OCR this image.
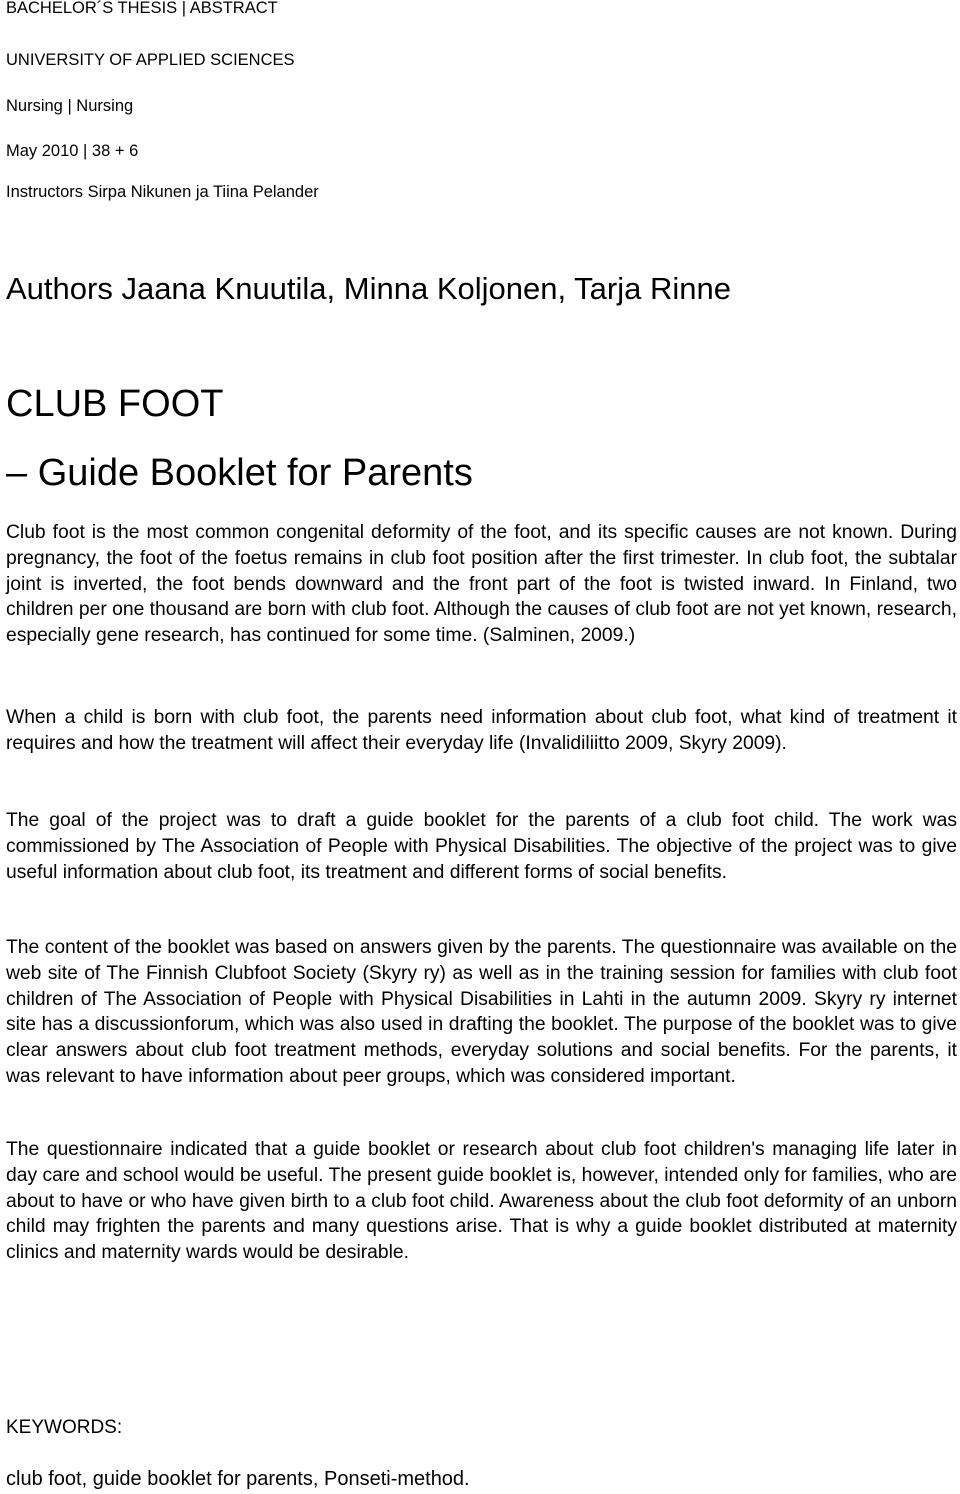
BACHELOR´S THESIS | ABSTRACT
UNIVERSITY OF APPLIED SCIENCES
Nursing | Nursing
May 2010 | 38 + 6
Instructors Sirpa Nikunen ja Tiina Pelander
Authors Jaana Knuutila, Minna Koljonen, Tarja Rinne
CLUB FOOT
– Guide Booklet for Parents

Club foot is the most common congenital deformity of the foot, and its specific causes are not known. During pregnancy, the foot of the foetus remains in club foot position after the first trimester. In club foot, the subtalar joint is inverted, the foot bends downward and the front part of the foot is twisted inward. In Finland, two children per one thousand are born with club foot. Although the causes of club foot are not yet known, research, especially gene research, has continued for some time. (Salminen, 2009.)

When a child is born with club foot, the parents need information about club foot, what kind of treatment it requires and how the treatment will affect their everyday life (Invalidiliitto 2009, Skyry 2009).

The goal of the project was to draft a guide booklet for the parents of a club foot child. The work was commissioned by The Association of People with Physical Disabilities. The objective of the project was to give useful information about club foot, its treatment and different forms of social benefits.

The content of the booklet was based on answers given by the parents. The questionnaire was available on the web site of The Finnish Clubfoot Society (Skyry ry) as well as in the training session for families with club foot children of The Association of People with Physical Disabilities in Lahti in the autumn 2009. Skyry ry internet site has a discussionforum, which was also used in drafting the booklet. The purpose of the booklet was to give clear answers about club foot treatment methods, everyday solutions and social benefits. For the parents, it was relevant to have information about peer groups, which was considered important.

The questionnaire indicated that a guide booklet or research about club foot children's managing life later in day care and school would be useful. The present guide booklet is, however, intended only for families, who are about to have or who have given birth to a club foot child. Awareness about the club foot deformity of an unborn child may frighten the parents and many questions arise. That is why a guide booklet distributed at maternity clinics and maternity wards would be desirable.

KEYWORDS:
club foot, guide booklet for parents, Ponseti-method.
